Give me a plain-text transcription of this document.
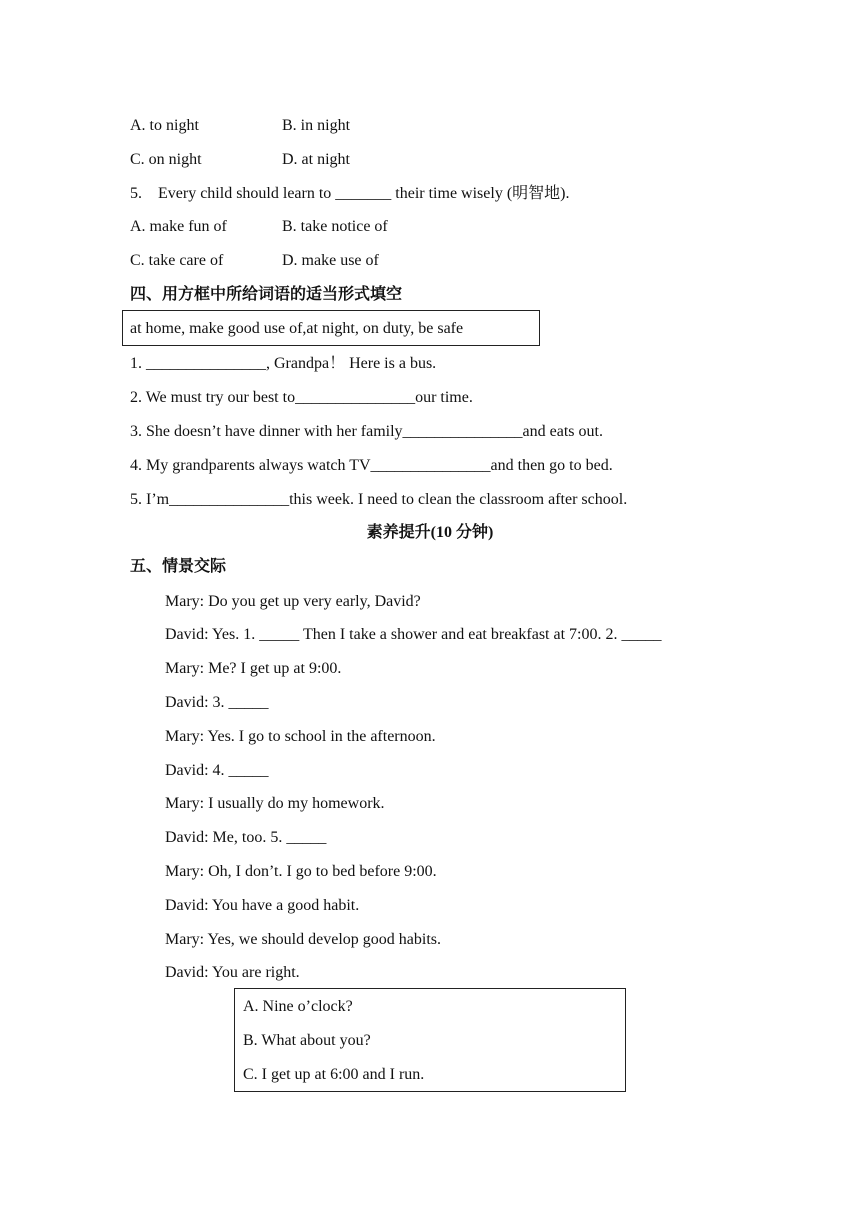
A. to night	B. in night
C. on night	D. at night
5.    Every child should learn to _______ their time wisely (明智地).
A. make fun of	B. take notice of
C. take care of	D. make use of
四、用方框中所给词语的适当形式填空
at home, make good use of,at night, on duty, be safe
1. _______________, Grandpa！ Here is a bus.
2. We must try our best to_______________our time.
3. She doesn’t have dinner with her family_______________and eats out.
4. My grandparents always watch TV_______________and then go to bed.
5. I’m_______________this week. I need to clean the classroom after school.
素养提升(10 分钟)
五、情景交际
Mary: Do you get up very early, David?
David: Yes. 1. _____ Then I take a shower and eat breakfast at 7:00. 2. _____
Mary: Me? I get up at 9:00.
David: 3. _____
Mary: Yes. I go to school in the afternoon.
David: 4. _____
Mary: I usually do my homework.
David: Me, too. 5. _____
Mary: Oh, I don’t. I go to bed before 9:00.
David: You have a good habit.
Mary: Yes, we should develop good habits.
David: You are right.
A. Nine o’clock?
B. What about you?
C. I get up at 6:00 and I run.
